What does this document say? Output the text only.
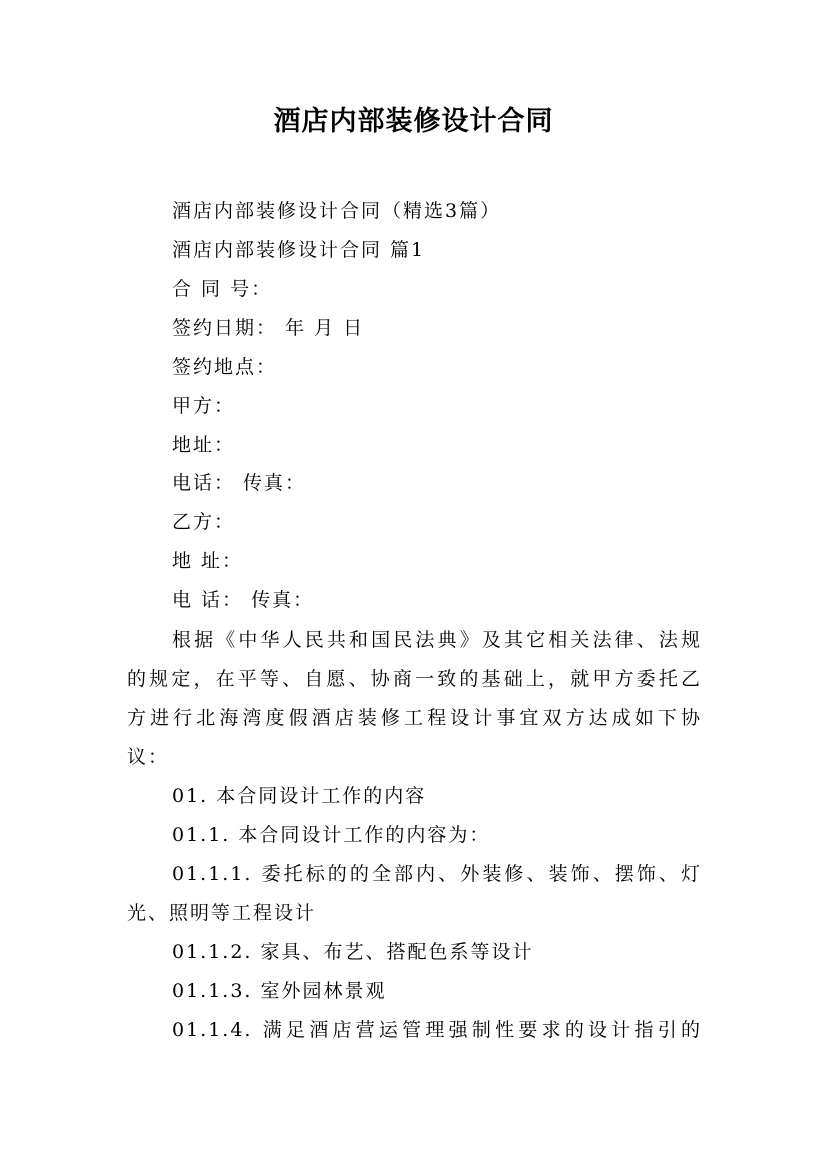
酒店内部装修设计合同
酒店内部装修设计合同（精选3篇）
酒店内部装修设计合同 篇1
合 同 号：
签约日期： 年 月 日
签约地点：
甲方：
地址：
电话： 传真：
乙方：
地 址：
电 话： 传真：
根据《中华人民共和国民法典》及其它相关法律、法规
的规定，在平等、自愿、协商一致的基础上，就甲方委托乙
方进行北海湾度假酒店装修工程设计事宜双方达成如下协
议：
01. 本合同设计工作的内容
01.1. 本合同设计工作的内容为：
01.1.1. 委托标的的全部内、外装修、装饰、摆饰、灯
光、照明等工程设计
01.1.2. 家具、布艺、搭配色系等设计
01.1.3. 室外园林景观
01.1.4. 满足酒店营运管理强制性要求的设计指引的
